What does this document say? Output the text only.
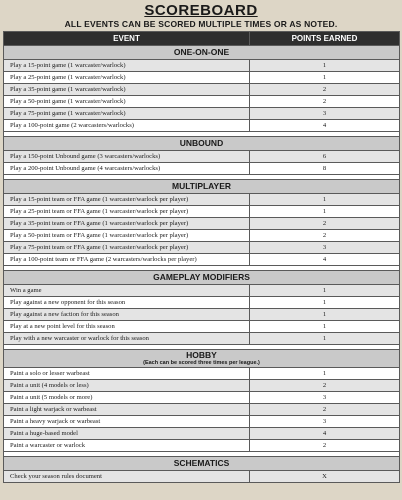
SCOREBOARD

ALL EVENTS CAN BE SCORED MULTIPLE TIMES OR AS NOTED.

EVENT	POINTS EARNED
ONE-ON-ONE	
Play a 15-point game (1 warcaster/warlock)	1
Play a 25-point game (1 warcaster/warlock)	1
Play a 35-point game (1 warcaster/warlock)	2
Play a 50-point game (1 warcaster/warlock)	2
Play a 75-point game (1 warcaster/warlock)	3
Play a 100-point game (2 warcasters/warlocks)	4

UNBOUND	
Play a 150-point Unbound game (3 warcasters/warlocks)	6
Play a 200-point Unbound game (4 warcasters/warlocks)	8

MULTIPLAYER	
Play a 15-point team or FFA game (1 warcaster/warlock per player)	1
Play a 25-point team or FFA game (1 warcaster/warlock per player)	1
Play a 35-point team or FFA game (1 warcaster/warlock per player)	2
Play a 50-point team or FFA game (1 warcaster/warlock per player)	2
Play a 75-point team or FFA game (1 warcaster/warlock per player)	3
Play a 100-point team or FFA game (2 warcasters/warlocks per player)	4

GAMEPLAY MODIFIERS	
Win a game	1
Play against a new opponent for this season	1
Play against a new faction for this season	1
Play at a new point level for this season	1
Play with a new warcaster or warlock for this season	1

HOBBY
(Each can be scored three times per league.)	

Paint a solo or lesser warbeast	1
Paint a unit (4 models or less)	2
Paint a unit (5 models or more)	3
Paint a light warjack or warbeast	2
Paint a heavy warjack or warbeast	3
Paint a huge-based model	4
Paint a warcaster or warlock	2

SCHEMATICS	
Check your season rules document	X
